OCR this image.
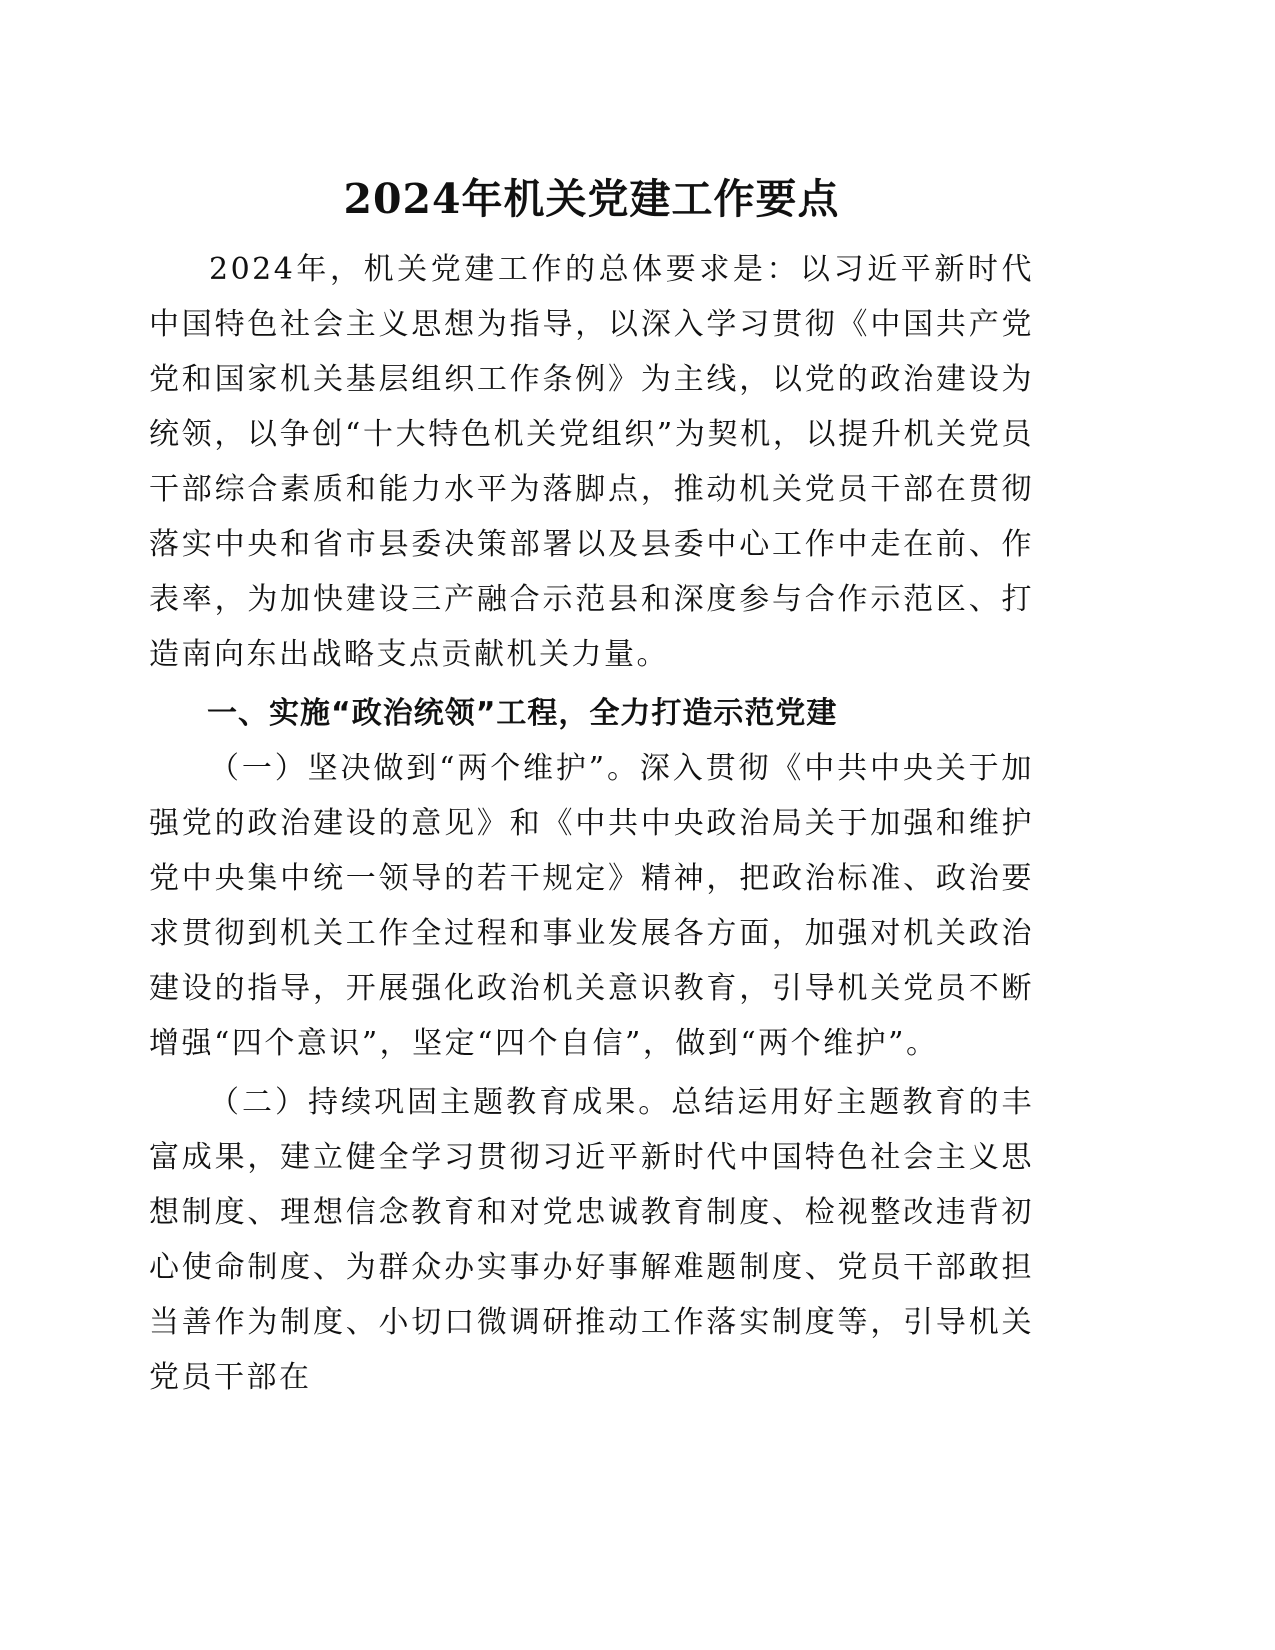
2024年机关党建工作要点

2024年，机关党建工作的总体要求是：以习近平新时代中国特色社会主义思想为指导，以深入学习贯彻《中国共产党党和国家机关基层组织工作条例》为主线，以党的政治建设为统领，以争创“十大特色机关党组织”为契机，以提升机关党员干部综合素质和能力水平为落脚点，推动机关党员干部在贯彻落实中央和省市县委决策部署以及县委中心工作中走在前、作表率，为加快建设三产融合示范县和深度参与合作示范区、打造南向东出战略支点贡献机关力量。

一、实施“政治统领”工程，全力打造示范党建

（一）坚决做到“两个维护”。深入贯彻《中共中央关于加强党的政治建设的意见》和《中共中央政治局关于加强和维护党中央集中统一领导的若干规定》精神，把政治标准、政治要求贯彻到机关工作全过程和事业发展各方面，加强对机关政治建设的指导，开展强化政治机关意识教育，引导机关党员不断增强“四个意识”，坚定“四个自信”，做到“两个维护”。

（二）持续巩固主题教育成果。总结运用好主题教育的丰富成果，建立健全学习贯彻习近平新时代中国特色社会主义思想制度、理想信念教育和对党忠诚教育制度、检视整改违背初心使命制度、为群众办实事办好事解难题制度、党员干部敢担当善作为制度、小切口微调研推动工作落实制度等，引导机关党员干部在
